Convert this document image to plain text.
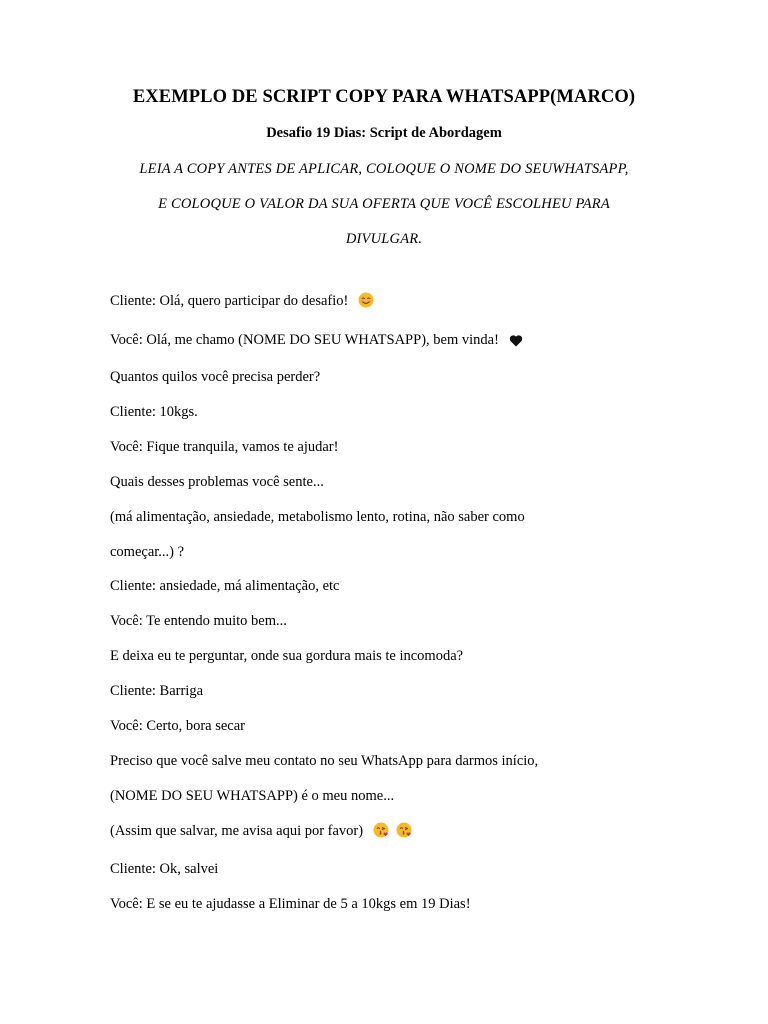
EXEMPLO DE SCRIPT COPY PARA WHATSAPP(MARCO)
Desafio 19 Dias: Script de Abordagem
LEIA A COPY ANTES DE APLICAR, COLOQUE O NOME DO SEUWHATSAPP,
E COLOQUE O VALOR DA SUA OFERTA QUE VOCÊ ESCOLHEU PARA
DIVULGAR.
Cliente: Olá, quero participar do desafio!
Você: Olá, me chamo (NOME DO SEU WHATSAPP), bem vinda!
Quantos quilos você precisa perder?
Cliente: 10kgs.
Você: Fique tranquila, vamos te ajudar!
Quais desses problemas você sente...
(má alimentação, ansiedade, metabolismo lento, rotina, não saber como
começar...) ?
Cliente: ansiedade, má alimentação, etc
Você: Te entendo muito bem...
E deixa eu te perguntar, onde sua gordura mais te incomoda?
Cliente: Barriga
Você: Certo, bora secar
Preciso que você salve meu contato no seu WhatsApp para darmos início,
(NOME DO SEU WHATSAPP) é o meu nome...
(Assim que salvar, me avisa aqui por favor)
Cliente: Ok, salvei
Você: E se eu te ajudasse a Eliminar de 5 a 10kgs em 19 Dias!
